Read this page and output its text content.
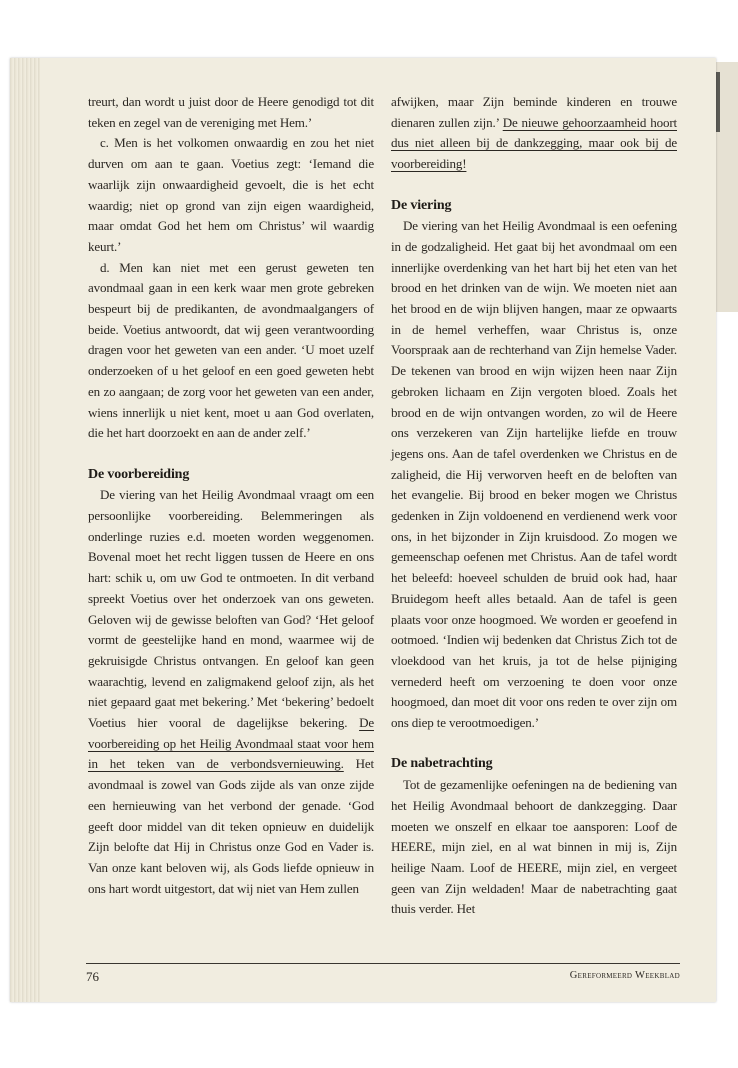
treurt, dan wordt u juist door de Heere genodigd tot dit teken en zegel van de vereniging met Hem.’

c. Men is het volkomen onwaardig en zou het niet durven om aan te gaan. Voetius zegt: ‘Iemand die waarlijk zijn onwaardigheid gevoelt, die is het echt waardig; niet op grond van zijn eigen waardigheid, maar omdat God het hem om Christus’ wil waardig keurt.’

d. Men kan niet met een gerust geweten ten avondmaal gaan in een kerk waar men grote gebreken bespeurt bij de predikanten, de avondmaalgangers of beide. Voetius antwoordt, dat wij geen verantwoording dragen voor het geweten van een ander. ‘U moet uzelf onderzoeken of u het geloof en een goed geweten hebt en zo aangaan; de zorg voor het geweten van een ander, wiens innerlijk u niet kent, moet u aan God overlaten, die het hart doorzoekt en aan de ander zelf.’

De voorbereiding

De viering van het Heilig Avondmaal vraagt om een persoonlijke voorbereiding. Belemmeringen als onderlinge ruzies e.d. moeten worden weggenomen. Bovenal moet het recht liggen tussen de Heere en ons hart: schik u, om uw God te ontmoeten. In dit verband spreekt Voetius over het onderzoek van ons geweten. Geloven wij de gewisse beloften van God? ‘Het geloof vormt de geestelijke hand en mond, waarmee wij de gekruisigde Christus ontvangen. En geloof kan geen waarachtig, levend en zaligmakend geloof zijn, als het niet gepaard gaat met bekering.’ Met ‘bekering’ bedoelt Voetius hier vooral de dagelijkse bekering. De voorbereiding op het Heilig Avondmaal staat voor hem in het teken van de verbondsvernieuwing. Het avondmaal is zowel van Gods zijde als van onze zijde een hernieuwing van het verbond der genade. ‘God geeft door middel van dit teken opnieuw en duidelijk Zijn belofte dat Hij in Christus onze God en Vader is. Van onze kant beloven wij, als Gods liefde opnieuw in ons hart wordt uitgestort, dat wij niet van Hem zullen

afwijken, maar Zijn beminde kinderen en trouwe dienaren zullen zijn.’ De nieuwe gehoorzaamheid hoort dus niet alleen bij de dankzegging, maar ook bij de voorbereiding!

De viering

De viering van het Heilig Avondmaal is een oefening in de godzaligheid. Het gaat bij het avondmaal om een innerlijke overdenking van het hart bij het eten van het brood en het drinken van de wijn. We moeten niet aan het brood en de wijn blijven hangen, maar ze opwaarts in de hemel verheffen, waar Christus is, onze Voorspraak aan de rechterhand van Zijn hemelse Vader. De tekenen van brood en wijn wijzen heen naar Zijn gebroken lichaam en Zijn vergoten bloed. Zoals het brood en de wijn ontvangen worden, zo wil de Heere ons verzekeren van Zijn hartelijke liefde en trouw jegens ons. Aan de tafel overdenken we Christus en de zaligheid, die Hij verworven heeft en de beloften van het evangelie. Bij brood en beker mogen we Christus gedenken in Zijn voldoenend en verdienend werk voor ons, in het bijzonder in Zijn kruisdood. Zo mogen we gemeenschap oefenen met Christus. Aan de tafel wordt het beleefd: hoeveel schulden de bruid ook had, haar Bruidegom heeft alles betaald. Aan de tafel is geen plaats voor onze hoogmoed. We worden er geoefend in ootmoed. ‘Indien wij bedenken dat Christus Zich tot de vloekdood van het kruis, ja tot de helse pijniging vernederd heeft om verzoening te doen voor onze hoogmoed, dan moet dit voor ons reden te over zijn om ons diep te verootmoedigen.’

De nabetrachting

Tot de gezamenlijke oefeningen na de bediening van het Heilig Avondmaal behoort de dankzegging. Daar moeten we onszelf en elkaar toe aansporen: Loof de HEERE, mijn ziel, en al wat binnen in mij is, Zijn heilige Naam. Loof de HEERE, mijn ziel, en vergeet geen van Zijn weldaden! Maar de nabetrachting gaat thuis verder. Het

76	Gereformeerd Weekblad
